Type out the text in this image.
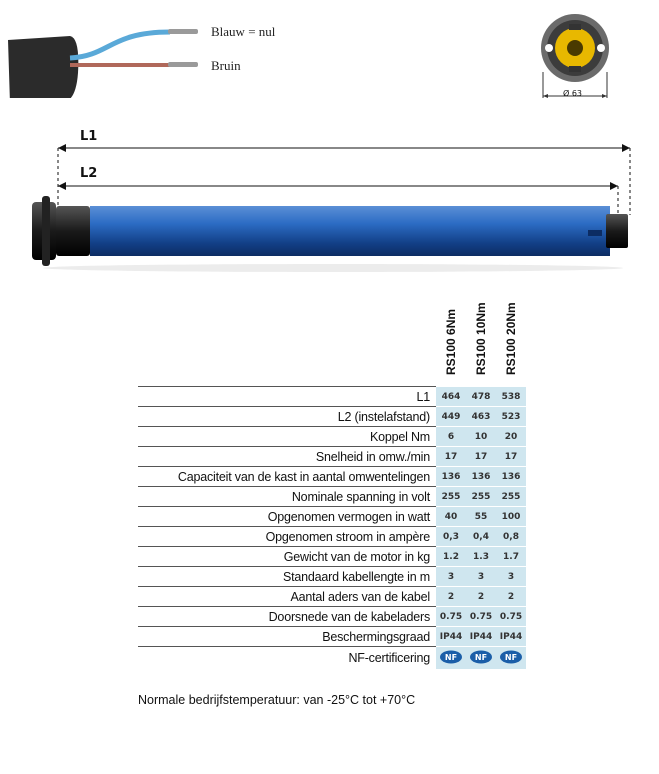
Blauw = nul
Bruin
Ø 63
L1
L2
RS100 6Nm RS100 10Nm RS100 20Nm
L1	464	478	538
L2 (instelafstand)	449	463	523
Koppel Nm	6	10	20
Snelheid in omw./min	17	17	17
Capaciteit van de kast in aantal omwentelingen	136	136	136
Nominale spanning in volt	255	255	255
Opgenomen vermogen in watt	40	55	100
Opgenomen stroom in ampère	0,3	0,4	0,8
Gewicht van de motor in kg	1.2	1.3	1.7
Standaard kabellengte in m	3	3	3
Aantal aders van de kabel	2	2	2
Doorsnede van de kabeladers	0.75	0.75	0.75
Beschermingsgraad	IP44	IP44	IP44
NF-certificering	NF	NF	NF
Normale bedrijfstemperatuur: van -25°C tot +70°C
